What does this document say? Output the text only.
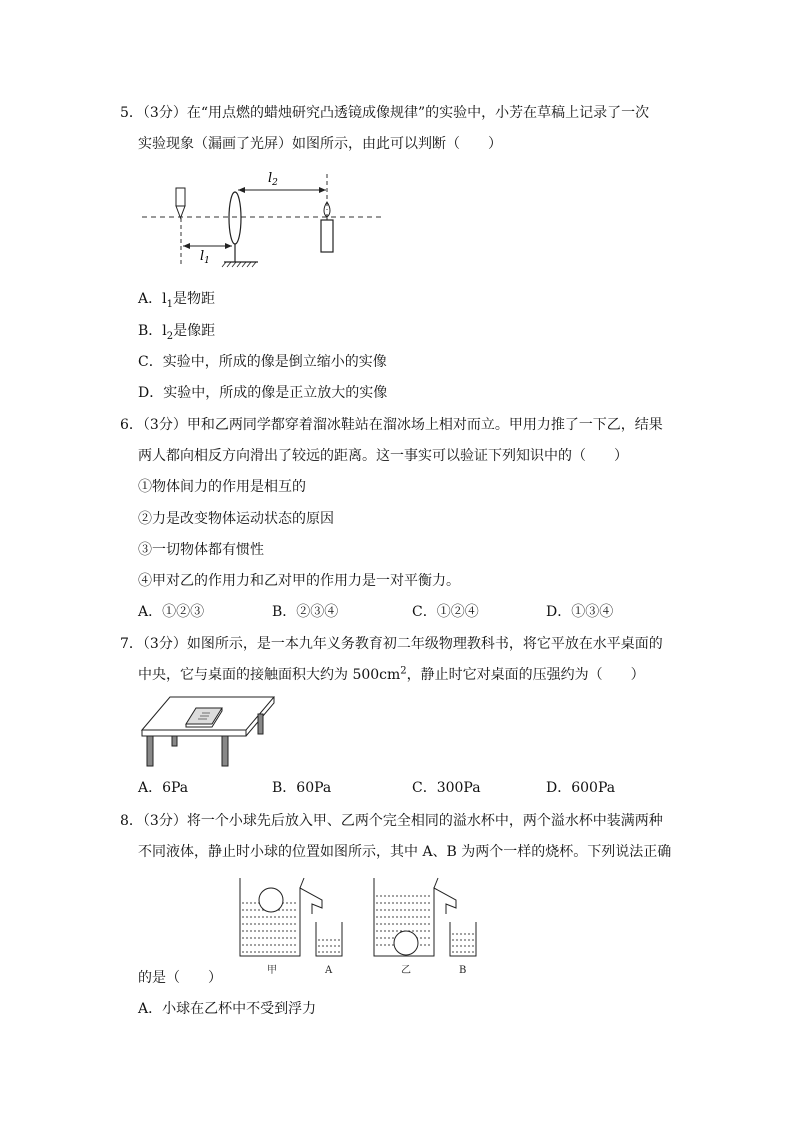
5．（3分）在“用点燃的蜡烛研究凸透镜成像规律”的实验中，小芳在草稿上记录了一次
实验现象（漏画了光屏）如图所示，由此可以判断（　　）
$l_1$
$l_2$
A．$l_1$是物距
B．$l_2$是像距
C．实验中，所成的像是倒立缩小的实像
D．实验中，所成的像是正立放大的实像
6．（3分）甲和乙两同学都穿着溜冰鞋站在溜冰场上相对而立。甲用力推了一下乙，结果
两人都向相反方向滑出了较远的距离。这一事实可以验证下列知识中的（　　）
①物体间力的作用是相互的
②力是改变物体运动状态的原因
③一切物体都有惯性
④甲对乙的作用力和乙对甲的作用力是一对平衡力。
A．①②③	B．②③④	C．①②④	D．①③④
7．（3分）如图所示，是一本九年义务教育初二年级物理教科书，将它平放在水平桌面的
中央，它与桌面的接触面积大约为 $500cm^2$，静止时它对桌面的压强约为（　　）
A．6Pa	B．60Pa	C．300Pa	D．600Pa
8．（3分）将一个小球先后放入甲、乙两个完全相同的溢水杯中，两个溢水杯中装满两种
不同液体，静止时小球的位置如图所示，其中 A、B 为两个一样的烧杯。下列说法正确
甲	A	乙	B
的是（　　）
A．小球在乙杯中不受到浮力
